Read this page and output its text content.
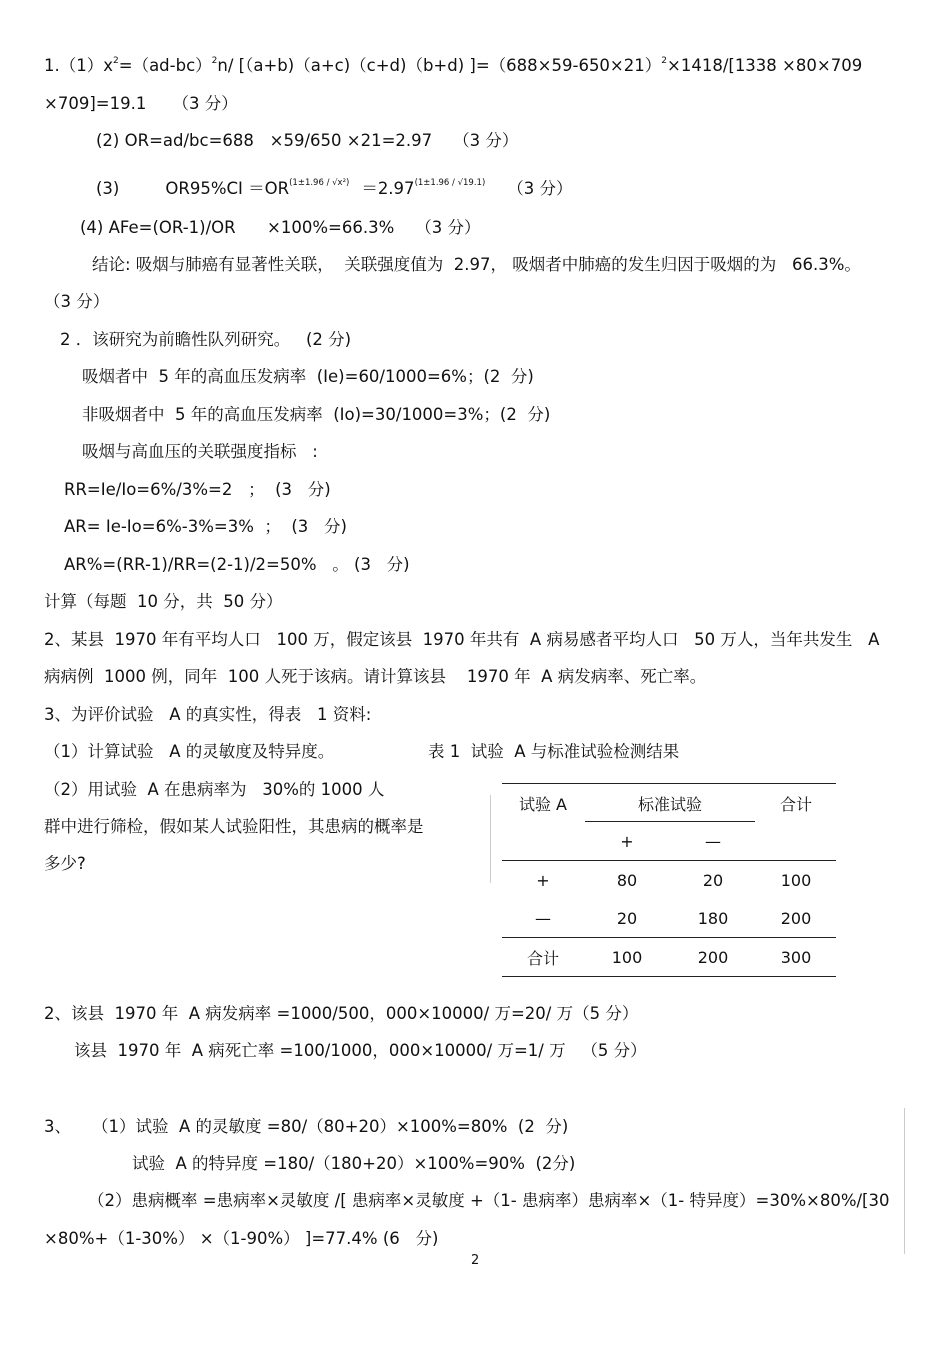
$1.(1)x^2=(ad-bc)^2n/$ [（a+b)（a+c)（c+d)（b+d) ]$=(688\times 59-650\times 21)^2\times 1418/[1338 \times 80\times 709$
×709]=19.1     （3 分）
(2) OR=ad/bc=688   ×59/650 ×21=2.97    （3 分）
(3)	$OR95\%CI =OR^{(1\pm 1.96 / √x^2)} =2.97^{(1\pm 1.96 / √19.1)}$ （3 分）
(4) AFe=(OR-1)/OR      ×100%=66.3%    （3 分）
结论: 吸烟与肺癌有显著性关联，  关联强度值为  2.97， 吸烟者中肺癌的发生归因于吸烟的为   66.3%。
（3 分）
2 ．该研究为前瞻性队列研究。   (2 分)
吸烟者中  5 年的高血压发病率  (Ie)=60/1000=6%；(2  分)
非吸烟者中  5 年的高血压发病率  (Io)=30/1000=3%；(2  分)
吸烟与高血压的关联强度指标   :
RR=Ie/Io=6%/3%=2   ；  (3   分)
AR= Ie-Io=6%-3%=3%  ；  (3   分)
AR%=(RR-1)/RR=(2-1)/2=50%   。 (3   分)
计算（每题  10 分，共  50 分）
2、某县  1970 年有平均人口   100 万，假定该县  1970 年共有  A 病易感者平均人口   50 万人，当年共发生   A
病病例  1000 例，同年  100 人死于该病。请计算该县    1970 年  A 病发病率、死亡率。
3、为评价试验   A 的真实性，得表   1 资料:
（1）计算试验   A 的灵敏度及特异度。	表 1  试验  A 与标准试验检测结果
（2）用试验  A 在患病率为   30%的 1000 人
群中进行筛检，假如某人试验阳性，其患病的概率是
多少?
试验 A	标准试验		合计
	+	—	
+	80	20	100
—	20	180	200
合计	100	200	300
2、该县  1970 年  A 病发病率 =1000/500，000×10000/ 万=20/ 万（5 分）
该县  1970 年  A 病死亡率 =100/1000，000×10000/ 万=1/ 万   （5 分）
3、    （1）试验  A 的灵敏度 =80/（80+20）×100%=80%  (2  分)
试验  A 的特异度 =180/（180+20）×100%=90%  (2分)
（2）患病概率 =患病率×灵敏度 /[ 患病率×灵敏度 +（1- 患病率）患病率×（1- 特异度）=30%×80%/[30
×80%+（1-30%） ×（1-90%） ]=77.4% (6   分)
2
